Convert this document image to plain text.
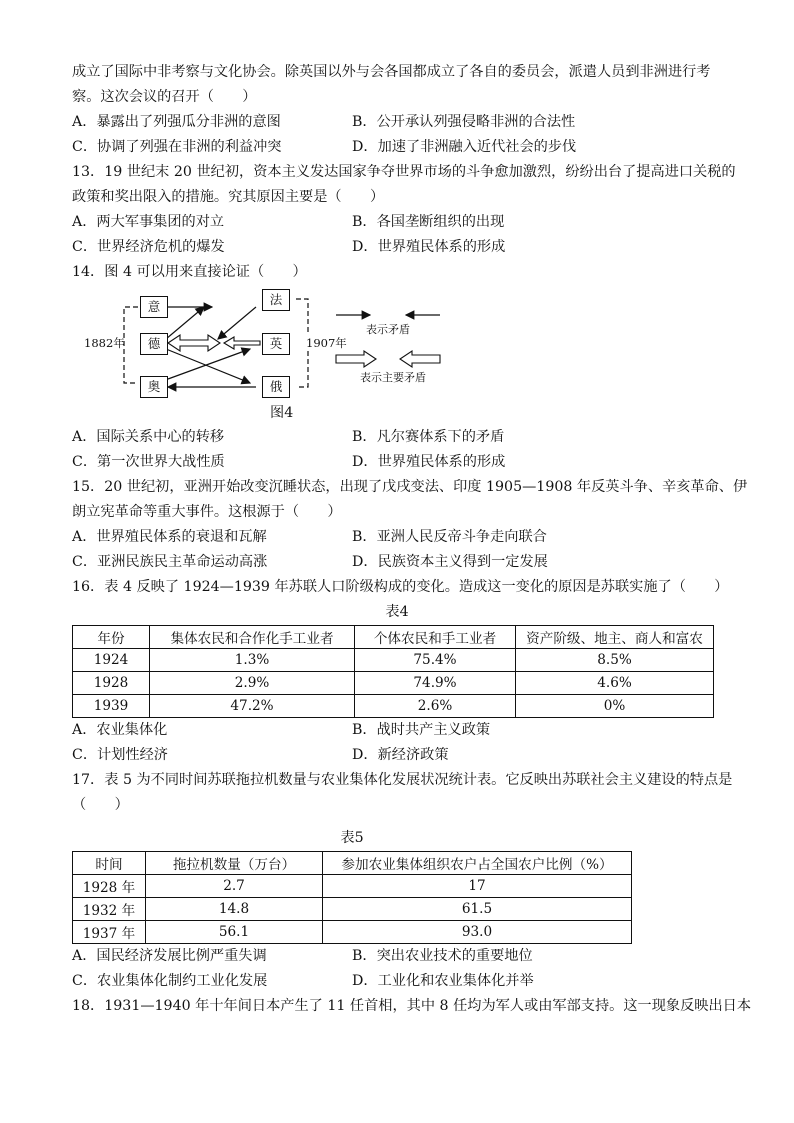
成立了国际中非考察与文化协会。除英国以外与会各国都成立了各自的委员会，派遣人员到非洲进行考
察。这次会议的召开（　　）
A．暴露出了列强瓜分非洲的意图	B．公开承认列强侵略非洲的合法性
C．协调了列强在非洲的利益冲突	D．加速了非洲融入近代社会的步伐
13．19 世纪末 20 世纪初，资本主义发达国家争夺世界市场的斗争愈加激烈，纷纷出台了提高进口关税的
政策和奖出限入的措施。究其原因主要是（　　）
A．两大军事集团的对立	B．各国垄断组织的出现
C．世界经济危机的爆发	D．世界殖民体系的形成
14．图 4 可以用来直接论证（　　）
意
德
奥
法
英
俄
1882年	1907年
表示矛盾
表示主要矛盾
图4
A．国际关系中心的转移	B．凡尔赛体系下的矛盾
C．第一次世界大战性质	D．世界殖民体系的形成
15．20 世纪初，亚洲开始改变沉睡状态，出现了戊戌变法、印度 1905—1908 年反英斗争、辛亥革命、伊
朗立宪革命等重大事件。这根源于（　　）
A．世界殖民体系的衰退和瓦解	B．亚洲人民反帝斗争走向联合
C．亚洲民族民主革命运动高涨	D．民族资本主义得到一定发展
16．表 4 反映了 1924—1939 年苏联人口阶级构成的变化。造成这一变化的原因是苏联实施了（　　）
表4
年份	集体农民和合作化手工业者	个体农民和手工业者	资产阶级、地主、商人和富农
1924	1.3%	75.4%	8.5%
1928	2.9%	74.9%	4.6%
1939	47.2%	2.6%	0%
A．农业集体化	B．战时共产主义政策
C．计划性经济	D．新经济政策
17．表 5 为不同时间苏联拖拉机数量与农业集体化发展状况统计表。它反映出苏联社会主义建设的特点是
（　　）
表5
时间	拖拉机数量（万台）	参加农业集体组织农户占全国农户比例（%）
1928 年	2.7	17
1932 年	14.8	61.5
1937 年	56.1	93.0
A．国民经济发展比例严重失调	B．突出农业技术的重要地位
C．农业集体化制约工业化发展	D．工业化和农业集体化并举
18．1931—1940 年十年间日本产生了 11 任首相，其中 8 任均为军人或由军部支持。这一现象反映出日本
